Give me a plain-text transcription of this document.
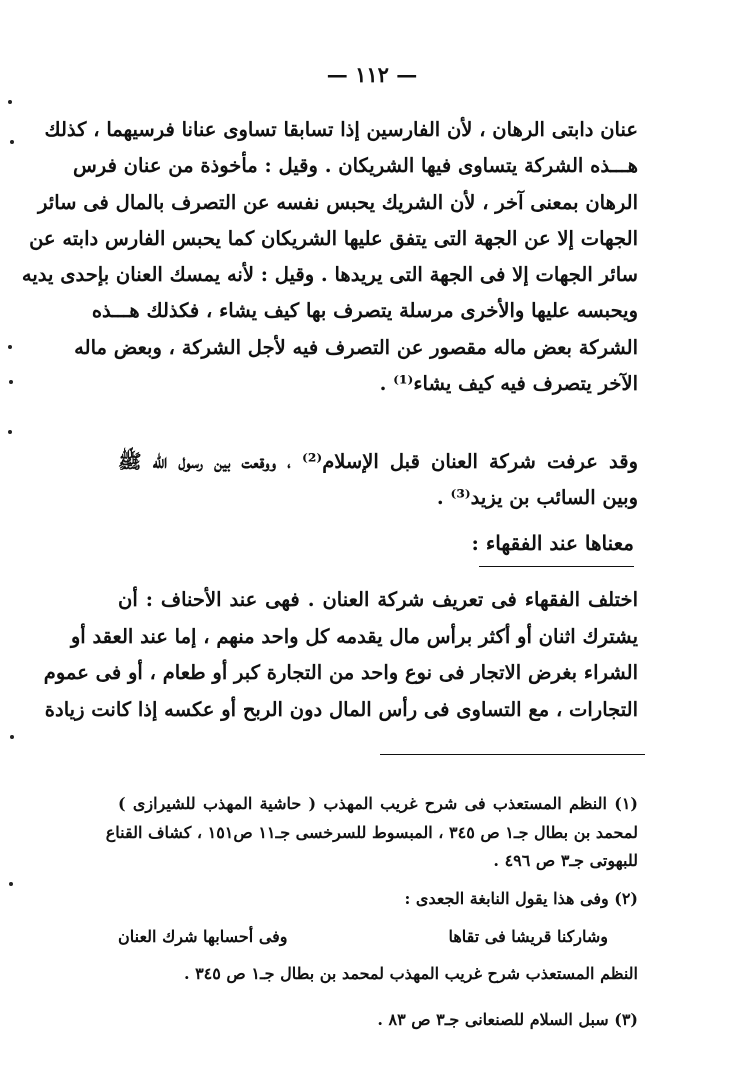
— ١١٢ —
عنان دابتى الرهان ، لأن الفارسين إذا تسابقا تساوى عنانا فرسيهما ، كذلك
هـــذه الشركة يتساوى فيها الشريكان . وقيل : مأخوذة من عنان فرس
الرهان بمعنى آخر ، لأن الشريك يحبس نفسه عن التصرف بالمال فى سائر
الجهات إلا عن الجهة التى يتفق عليها الشريكان كما يحبس الفارس دابته عن
سائر الجهات إلا فى الجهة التى يريدها . وقيل : لأنه يمسك العنان بإحدى يديه
ويحبسه عليها والأخرى مرسلة يتصرف بها كيف يشاء ، فكذلك هـــذه
الشركة بعض ماله مقصور عن التصرف فيه لأجل الشركة ، وبعض ماله
الآخر يتصرف فيه كيف يشاء⁽¹⁾ .
وقد عرفت شركة العنان قبل الإسلام⁽²⁾ ، ووقعت بين رسول الله ﷺ
وبين السائب بن يزيد⁽³⁾ .
معناها عند الفقهاء :
اختلف الفقهاء فى تعريف شركة العنان . فهى عند الأحناف : أن
يشترك اثنان أو أكثر برأس مال يقدمه كل واحد منهم ، إما عند العقد أو
الشراء بغرض الاتجار فى نوع واحد من التجارة كبر أو طعام ، أو فى عموم
التجارات ، مع التساوى فى رأس المال دون الربح أو عكسه إذا كانت زيادة
(١) النظم المستعذب فى شرح غريب المهذب ( حاشية المهذب للشيرازى )
لمحمد بن بطال جـ١ ص ٣٤٥ ، المبسوط للسرخسى جـ١١ ص١٥١ ، كشاف القناع
للبهوتى جـ٣ ص ٤٩٦ .
(٢) وفى هذا يقول النابغة الجعدى :
وشاركنا قريشا فى تقاها
وفى أحسابها شرك العنان
النظم المستعذب شرح غريب المهذب لمحمد بن بطال جـ١ ص ٣٤٥ .
(٣) سبل السلام للصنعانى جـ٣ ص ٨٣ .
